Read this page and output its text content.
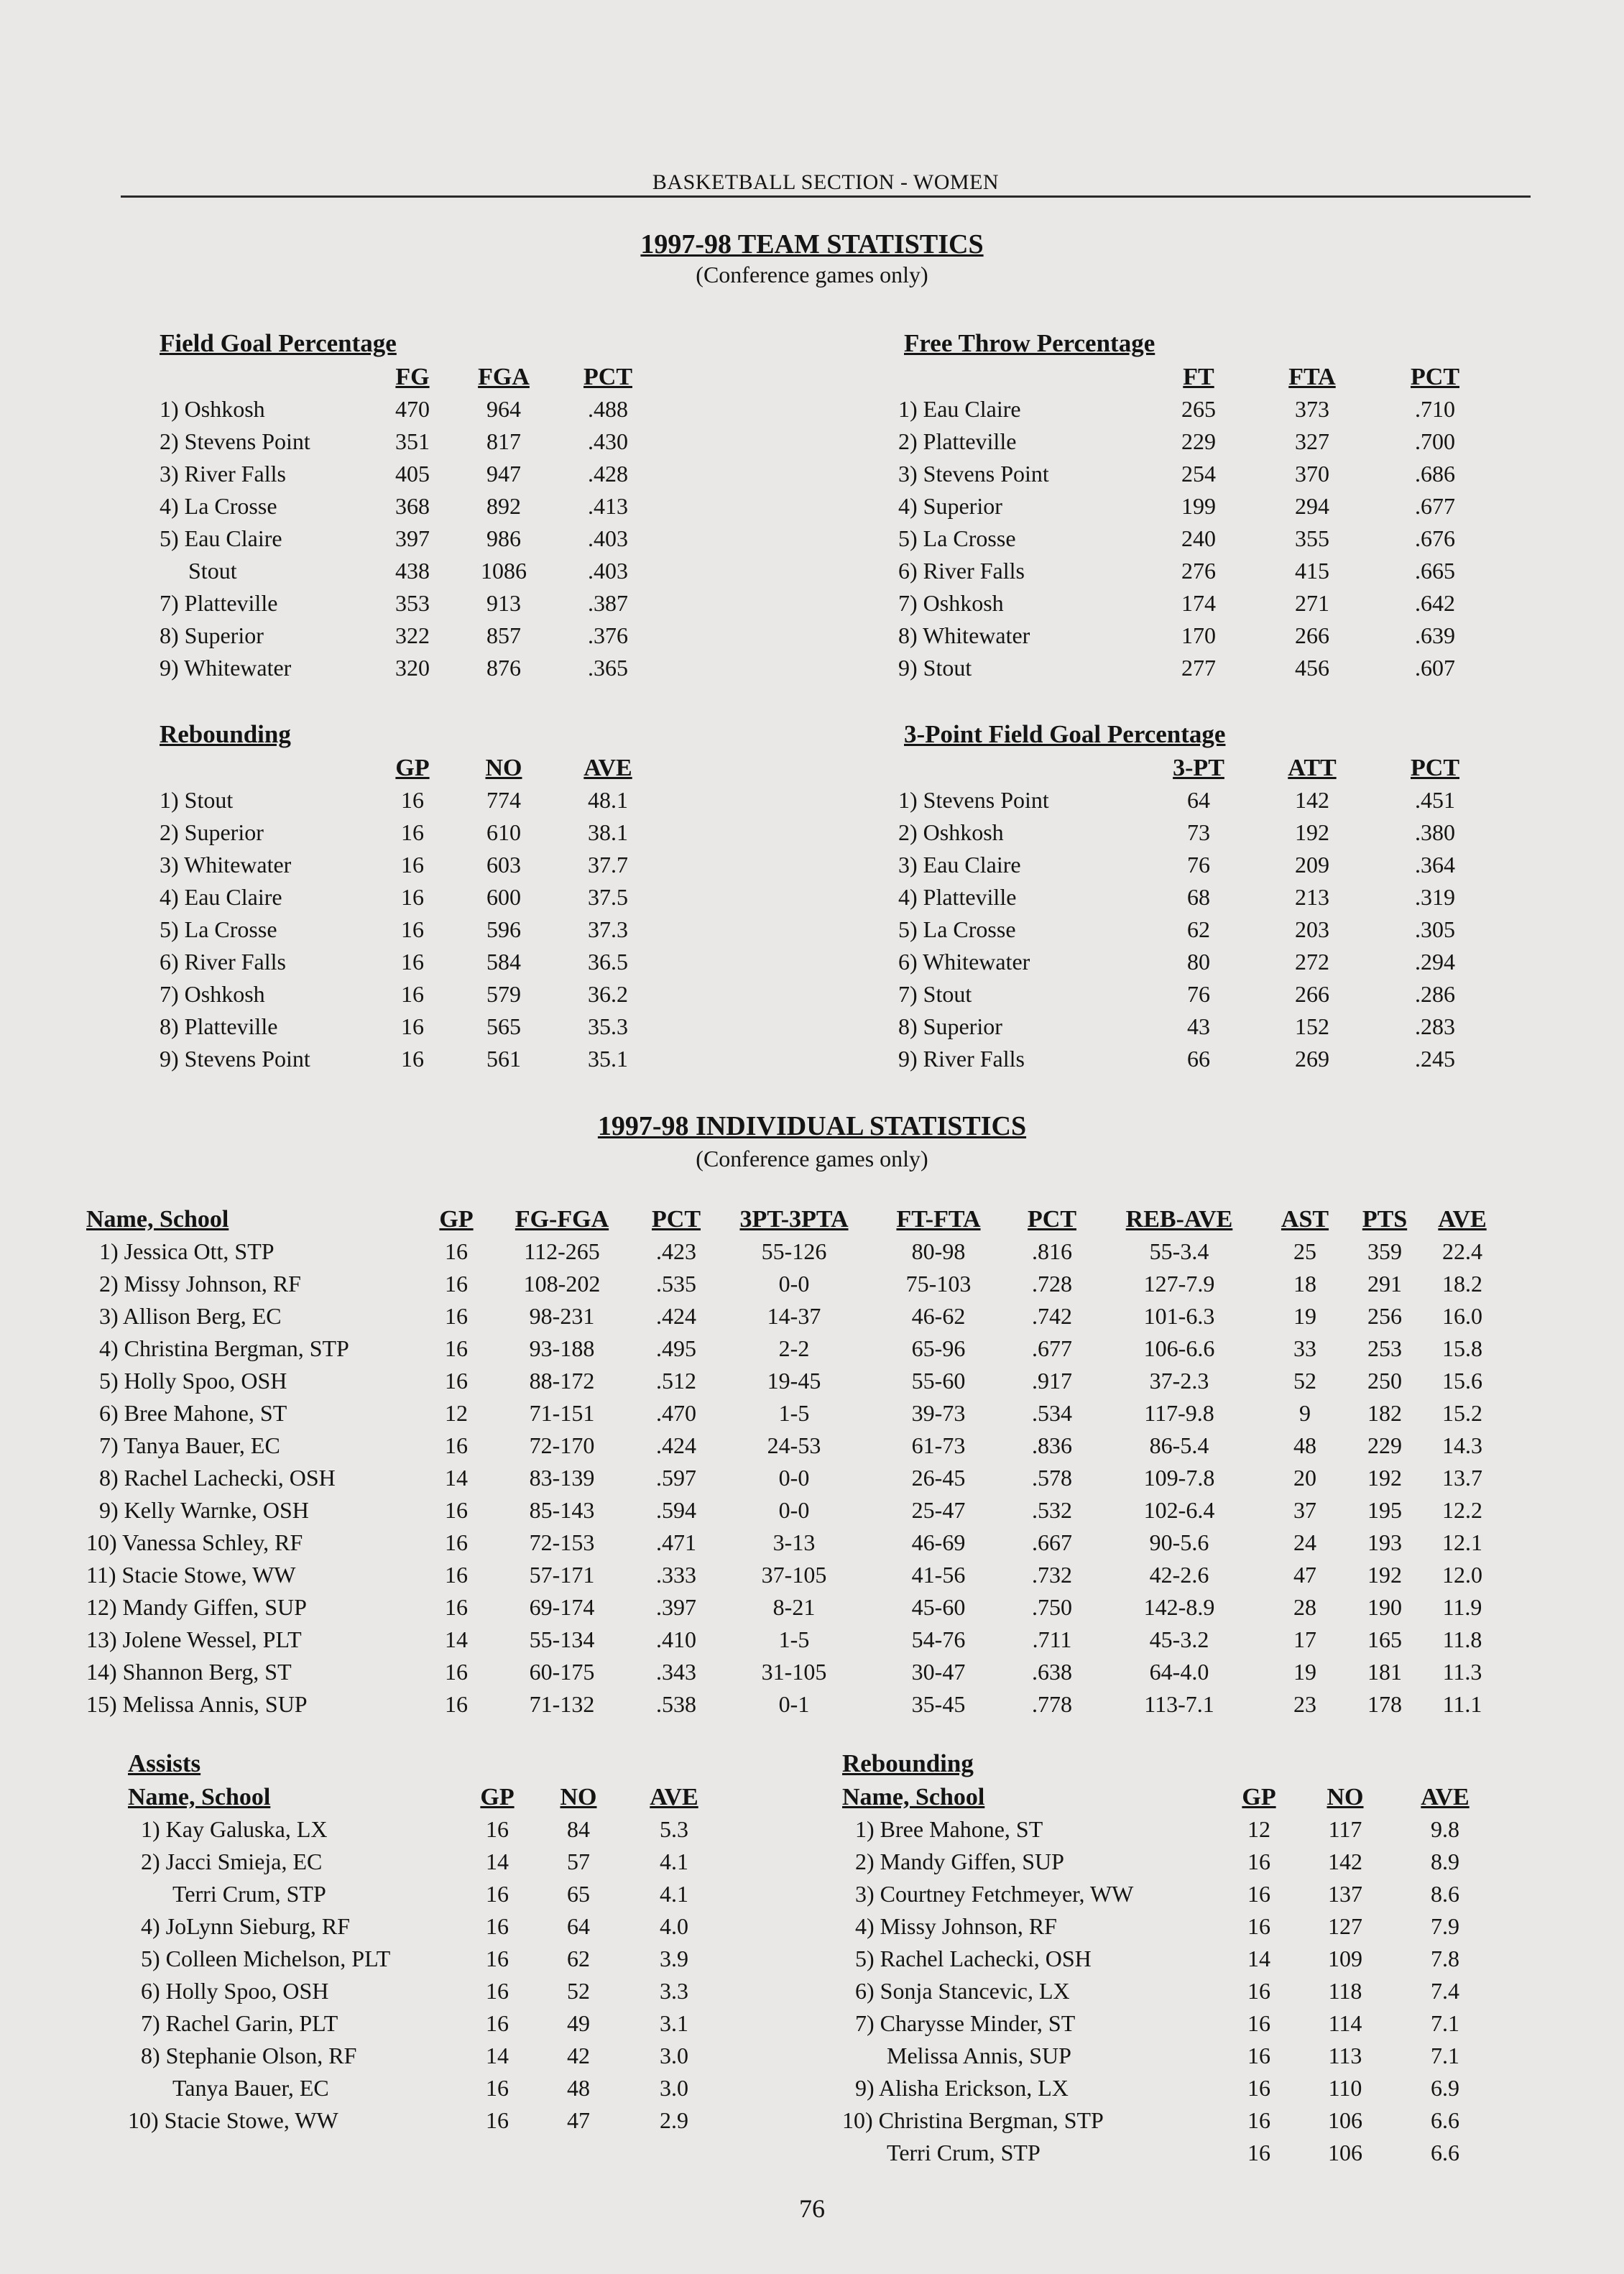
BASKETBALL SECTION - WOMEN
1997-98 TEAM STATISTICS
(Conference games only)
Field Goal Percentage
	FG	FGA	PCT
1) Oshkosh	470	964	.488
2) Stevens Point	351	817	.430
3) River Falls	405	947	.428
4) La Crosse	368	892	.413
5) Eau Claire	397	986	.403
Stout	438	1086	.403
7) Platteville	353	913	.387
8) Superior	322	857	.376
9) Whitewater	320	876	.365
Free Throw Percentage
	FT	FTA	PCT
1) Eau Claire	265	373	.710
2) Platteville	229	327	.700
3) Stevens Point	254	370	.686
4) Superior	199	294	.677
5) La Crosse	240	355	.676
6) River Falls	276	415	.665
7) Oshkosh	174	271	.642
8) Whitewater	170	266	.639
9) Stout	277	456	.607
Rebounding
	GP	NO	AVE
1) Stout	16	774	48.1
2) Superior	16	610	38.1
3) Whitewater	16	603	37.7
4) Eau Claire	16	600	37.5
5) La Crosse	16	596	37.3
6) River Falls	16	584	36.5
7) Oshkosh	16	579	36.2
8) Platteville	16	565	35.3
9) Stevens Point	16	561	35.1
3-Point Field Goal Percentage
	3-PT	ATT	PCT
1) Stevens Point	64	142	.451
2) Oshkosh	73	192	.380
3) Eau Claire	76	209	.364
4) Platteville	68	213	.319
5) La Crosse	62	203	.305
6) Whitewater	80	272	.294
7) Stout	76	266	.286
8) Superior	43	152	.283
9) River Falls	66	269	.245
1997-98 INDIVIDUAL STATISTICS
(Conference games only)
Name, School	GP	FG-FGA	PCT	3PT-3PTA	FT-FTA	PCT	REB-AVE	AST	PTS	AVE
1) Jessica Ott, STP	16	112-265	.423	55-126	80-98	.816	55-3.4	25	359	22.4
2) Missy Johnson, RF	16	108-202	.535	0-0	75-103	.728	127-7.9	18	291	18.2
3) Allison Berg, EC	16	98-231	.424	14-37	46-62	.742	101-6.3	19	256	16.0
4) Christina Bergman, STP	16	93-188	.495	2-2	65-96	.677	106-6.6	33	253	15.8
5) Holly Spoo, OSH	16	88-172	.512	19-45	55-60	.917	37-2.3	52	250	15.6
6) Bree Mahone, ST	12	71-151	.470	1-5	39-73	.534	117-9.8	9	182	15.2
7) Tanya Bauer, EC	16	72-170	.424	24-53	61-73	.836	86-5.4	48	229	14.3
8) Rachel Lachecki, OSH	14	83-139	.597	0-0	26-45	.578	109-7.8	20	192	13.7
9) Kelly Warnke, OSH	16	85-143	.594	0-0	25-47	.532	102-6.4	37	195	12.2
10) Vanessa Schley, RF	16	72-153	.471	3-13	46-69	.667	90-5.6	24	193	12.1
11) Stacie Stowe, WW	16	57-171	.333	37-105	41-56	.732	42-2.6	47	192	12.0
12) Mandy Giffen, SUP	16	69-174	.397	8-21	45-60	.750	142-8.9	28	190	11.9
13) Jolene Wessel, PLT	14	55-134	.410	1-5	54-76	.711	45-3.2	17	165	11.8
14) Shannon Berg, ST	16	60-175	.343	31-105	30-47	.638	64-4.0	19	181	11.3
15) Melissa Annis, SUP	16	71-132	.538	0-1	35-45	.778	113-7.1	23	178	11.1
Assists
Name, School	GP	NO	AVE
1) Kay Galuska, LX	16	84	5.3
2) Jacci Smieja, EC	14	57	4.1
Terri Crum, STP	16	65	4.1
4) JoLynn Sieburg, RF	16	64	4.0
5) Colleen Michelson, PLT	16	62	3.9
6) Holly Spoo, OSH	16	52	3.3
7) Rachel Garin, PLT	16	49	3.1
8) Stephanie Olson, RF	14	42	3.0
Tanya Bauer, EC	16	48	3.0
10) Stacie Stowe, WW	16	47	2.9
Rebounding
Name, School	GP	NO	AVE
1) Bree Mahone, ST	12	117	9.8
2) Mandy Giffen, SUP	16	142	8.9
3) Courtney Fetchmeyer, WW	16	137	8.6
4) Missy Johnson, RF	16	127	7.9
5) Rachel Lachecki, OSH	14	109	7.8
6) Sonja Stancevic, LX	16	118	7.4
7) Charysse Minder, ST	16	114	7.1
Melissa Annis, SUP	16	113	7.1
9) Alisha Erickson, LX	16	110	6.9
10) Christina Bergman, STP	16	106	6.6
Terri Crum, STP	16	106	6.6
76
